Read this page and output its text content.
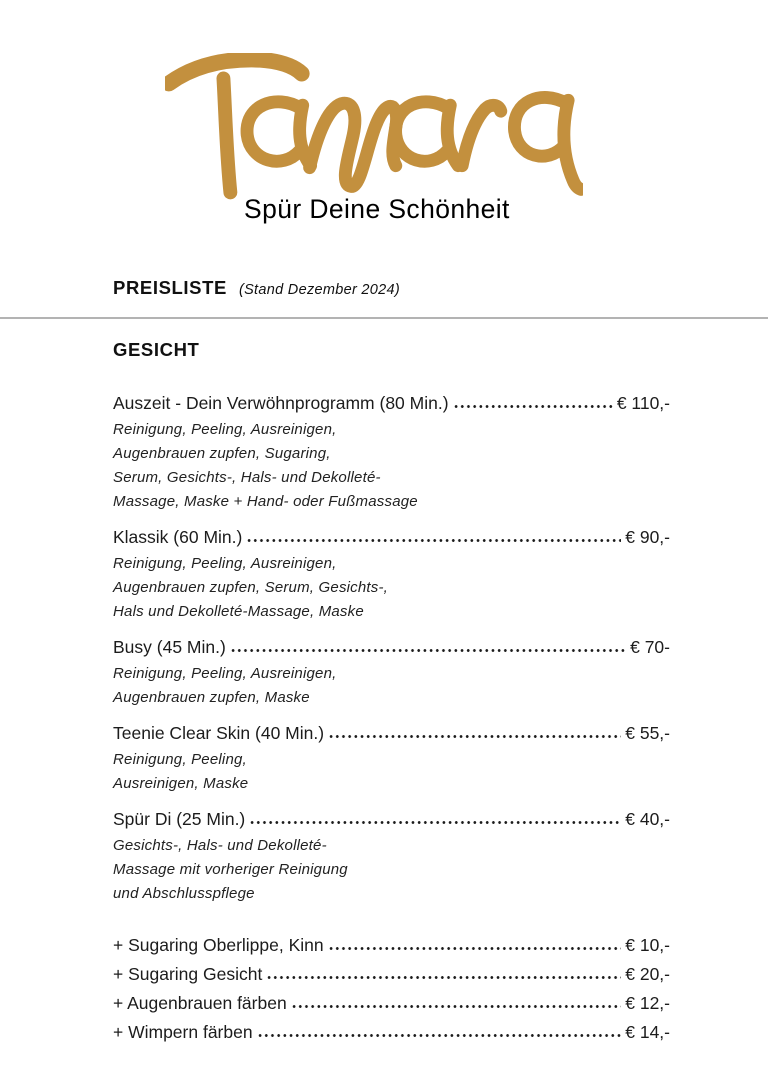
Spür Deine Schönheit
PREISLISTE (Stand Dezember 2024)
GESICHT
Auszeit - Dein Verwöhnprogramm (80 Min.)	€ 110,-
Reinigung, Peeling, Ausreinigen,
Augenbrauen zupfen, Sugaring,
Serum, Gesichts-, Hals- und Dekolleté-
Massage, Maske + Hand- oder Fußmassage
Klassik (60 Min.)	€ 90,-
Reinigung, Peeling, Ausreinigen,
Augenbrauen zupfen, Serum, Gesichts-,
Hals und Dekolleté-Massage, Maske
Busy (45 Min.)	€ 70-
Reinigung, Peeling, Ausreinigen,
Augenbrauen zupfen, Maske
Teenie Clear Skin (40 Min.)	€ 55,-
Reinigung, Peeling,
Ausreinigen, Maske
Spür Di (25 Min.)	€ 40,-
Gesichts-, Hals- und Dekolleté-
Massage mit vorheriger Reinigung
und Abschlusspflege
+ Sugaring Oberlippe, Kinn	€ 10,-
+ Sugaring Gesicht	€ 20,-
+ Augenbrauen färben	€ 12,-
+ Wimpern färben	€ 14,-
